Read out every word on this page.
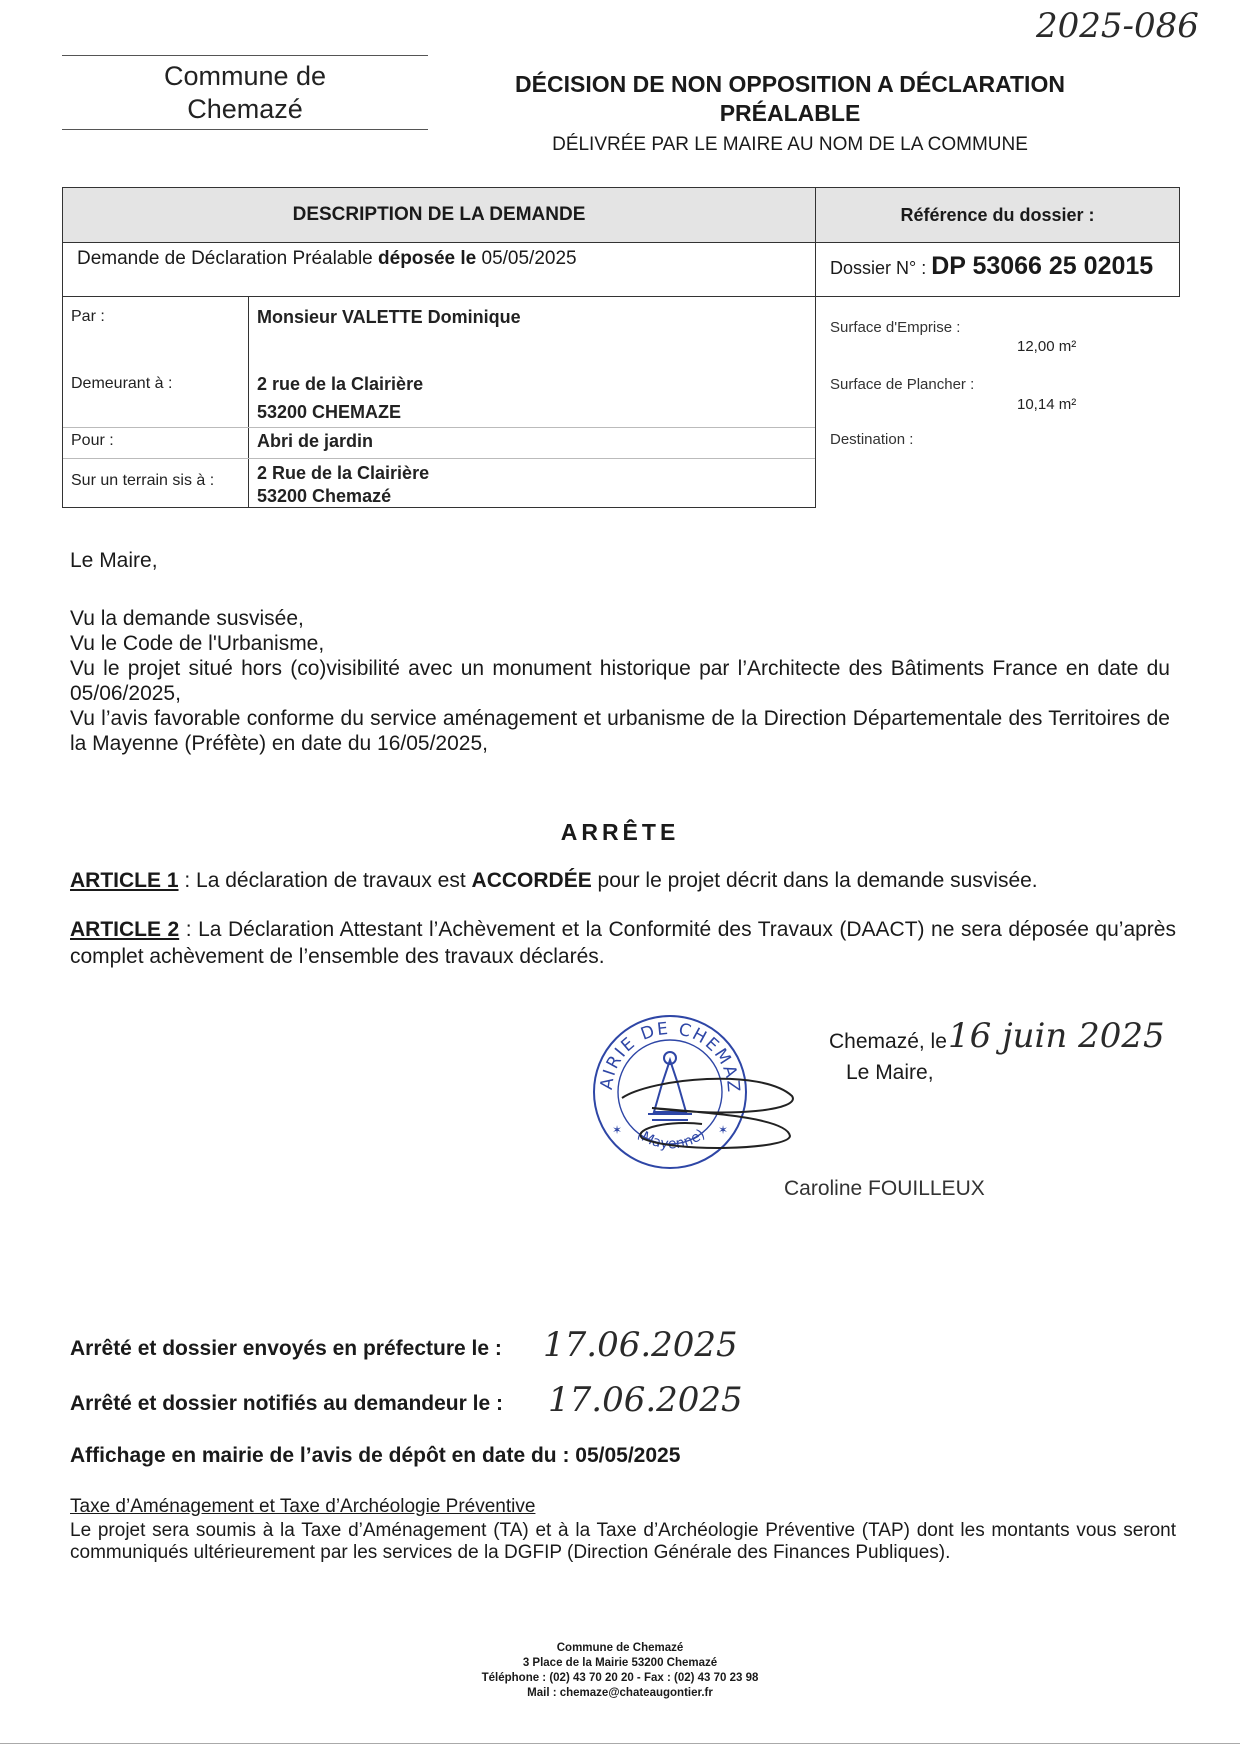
2025-086
Commune de
Chemazé
DÉCISION DE NON OPPOSITION A DÉCLARATION
PRÉALABLE
DÉLIVRÉE PAR LE MAIRE AU NOM DE LA COMMUNE
DESCRIPTION DE LA DEMANDE
Demande de Déclaration Préalable déposée le 05/05/2025
Par :	Monsieur VALETTE Dominique
Demeurant à :	2 rue de la Clairière
53200 CHEMAZE
Pour :	Abri de jardin
Sur un terrain sis à : 2 Rue de la Clairière
53200 Chemazé
Référence du dossier :
Dossier N° : DP 53066 25 02015
Surface d'Emprise :
12,00 m²
Surface de Plancher :
10,14 m²
Destination :
Le Maire,
Vu la demande susvisée,
Vu le Code de l'Urbanisme,
Vu le projet situé hors (co)visibilité avec un monument historique par l’Architecte des Bâtiments France en date du 05/06/2025,
Vu l’avis favorable conforme du service aménagement et urbanisme de la Direction Départementale des Territoires de la Mayenne (Préfète) en date du 16/05/2025,
ARRÊTE
ARTICLE 1 : La déclaration de travaux est ACCORDÉE pour le projet décrit dans la demande susvisée.
ARTICLE 2 : La Déclaration Attestant l’Achèvement et la Conformité des Travaux (DAACT) ne sera déposée qu’après complet achèvement de l’ensemble des travaux déclarés.
AIRIE DE CHEMAZ
(Mayenne)
✶	✶
Chemazé, le 16 juin 2025
Le Maire,
Caroline FOUILLEUX
Arrêté et dossier envoyés en préfecture le : 17.06.2025
Arrêté et dossier notifiés au demandeur le : 17.06.2025
Affichage en mairie de l’avis de dépôt en date du : 05/05/2025
Taxe d’Aménagement et Taxe d’Archéologie Préventive
Le projet sera soumis à la Taxe d’Aménagement (TA) et à la Taxe d’Archéologie Préventive (TAP) dont les montants vous seront communiqués ultérieurement par les services de la DGFIP (Direction Générale des Finances Publiques).
Commune de Chemazé
3 Place de la Mairie 53200 Chemazé
Téléphone : (02) 43 70 20 20 - Fax : (02) 43 70 23 98
Mail : chemaze@chateaugontier.fr
